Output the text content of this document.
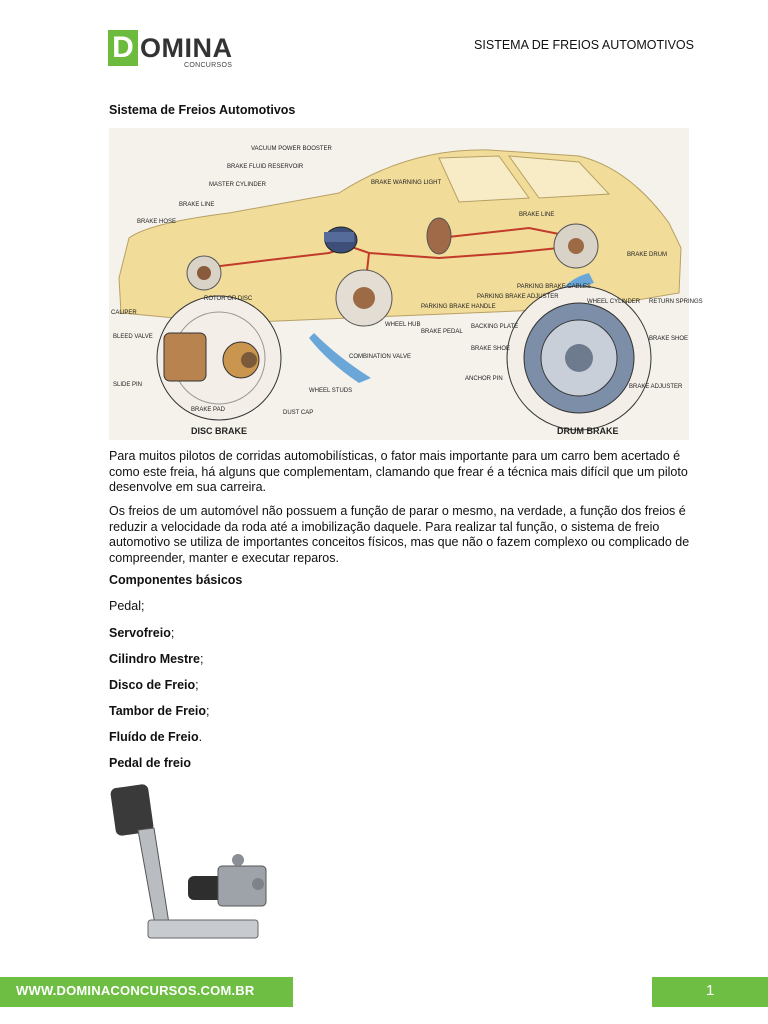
D OMINA
CONCURSOS
SISTEMA DE FREIOS AUTOMOTIVOS
Sistema de Freios Automotivos
VACUUM POWER BOOSTER
BRAKE FLUID RESERVOIR
MASTER CYLINDER	BRAKE WARNING LIGHT
BRAKE LINE
BRAKE HOSE
BRAKE LINE
BRAKE DRUM
CALIPER
ROTOR OR DISC
BLEED VALVE
PARKING BRAKE HANDLE
PARKING BRAKE ADJUSTER
PARKING BRAKE CABLES
WHEEL CYLINDER RETURN SPRINGS
WHEEL HUB
BRAKE PEDAL
BACKING PLATE
BRAKE SHOE
BRAKE SHOE
SLIDE PIN
COMBINATION VALVE
ANCHOR PIN
BRAKE ADJUSTER
BRAKE PAD	DUST CAP
WHEEL STUDS
DISC BRAKE	DRUM BRAKE
Para muitos pilotos de corridas automobilísticas, o fator mais importante para um carro bem acertado é como este freia, há alguns que complementam, clamando que frear é a técnica mais difícil que um piloto desenvolve em sua carreira.
Os freios de um automóvel não possuem a função de parar o mesmo, na verdade, a função dos freios é reduzir a velocidade da roda até a imobilização daquele. Para realizar tal função, o sistema de freio automotivo se utiliza de importantes conceitos físicos, mas que não o fazem complexo ou complicado de compreender, manter e executar reparos.
Componentes básicos
Pedal;
Servofreio;
Cilindro Mestre;
Disco de Freio;
Tambor de Freio;
Fluído de Freio.
Pedal de freio
WWW.DOMINACONCURSOS.COM.BR	1
